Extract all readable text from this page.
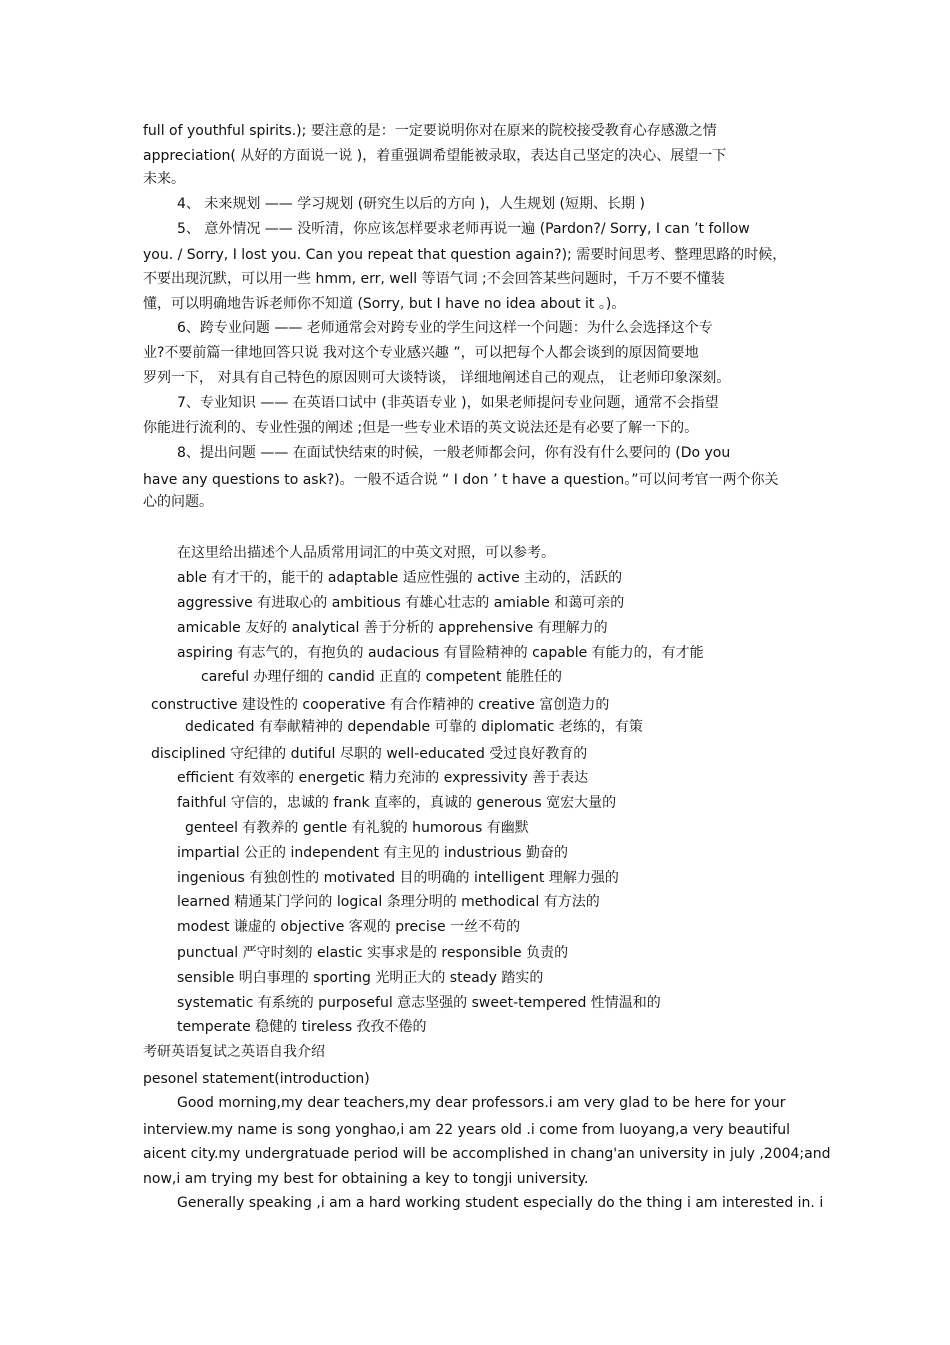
full of youthful spirits.); 要注意的是：一定要说明你对在原来的院校接受教育心存感激之情
appreciation( 从好的方面说一说 )，着重强调希望能被录取，表达自己坚定的决心、展望一下
未来。
4、 未来规划 —— 学习规划 (研究生以后的方向 )，人生规划 (短期、长期 )
5、 意外情况 —— 没听清，你应该怎样要求老师再说一遍 (Pardon?/ Sorry, I can ’t follow
you. / Sorry, I lost you. Can you repeat that question again?); 需要时间思考、整理思路的时候，
不要出现沉默，可以用一些 hmm, err, well 等语气词 ;不会回答某些问题时，千万不要不懂装
懂，可以明确地告诉老师你不知道 (Sorry, but I have no idea about it 。)。
6、跨专业问题 —— 老师通常会对跨专业的学生问这样一个问题：为什么会选择这个专
业?不要前篇一律地回答只说 我对这个专业感兴趣 ”，可以把每个人都会谈到的原因简要地
罗列一下， 对具有自己特色的原因则可大谈特谈， 详细地阐述自己的观点， 让老师印象深刻。
7、专业知识 —— 在英语口试中 (非英语专业 )，如果老师提问专业问题，通常不会指望
你能进行流利的、专业性强的阐述 ;但是一些专业术语的英文说法还是有必要了解一下的。
8、提出问题 —— 在面试快结束的时候，一般老师都会问，你有没有什么要问的 (Do you
have any questions to ask?)。一般不适合说 “ I don ’ t have a question。”可以问考官一两个你关
心的问题。
在这里给出描述个人品质常用词汇的中英文对照，可以参考。
able 有才干的，能干的 adaptable 适应性强的 active 主动的，活跃的
aggressive 有进取心的 ambitious 有雄心壮志的 amiable 和蔼可亲的
amicable 友好的 analytical 善于分析的 apprehensive 有理解力的
aspiring 有志气的，有抱负的 audacious 有冒险精神的 capable 有能力的，有才能
careful 办理仔细的 candid 正直的 competent 能胜任的
constructive 建设性的 cooperative 有合作精神的 creative 富创造力的
dedicated 有奉献精神的 dependable 可靠的 diplomatic 老练的，有策
disciplined 守纪律的 dutiful 尽职的 well-educated 受过良好教育的
efficient 有效率的 energetic 精力充沛的 expressivity 善于表达
faithful 守信的，忠诚的 frank 直率的，真诚的 generous 宽宏大量的
genteel 有教养的 gentle 有礼貌的 humorous 有幽默
impartial 公正的 independent 有主见的 industrious 勤奋的
ingenious 有独创性的 motivated 目的明确的 intelligent 理解力强的
learned 精通某门学问的 logical 条理分明的 methodical 有方法的
modest 谦虚的 objective 客观的 precise 一丝不苟的
punctual 严守时刻的 elastic 实事求是的 responsible 负责的
sensible 明白事理的 sporting 光明正大的 steady 踏实的
systematic 有系统的 purposeful 意志坚强的 sweet-tempered 性情温和的
temperate 稳健的 tireless 孜孜不倦的
考研英语复试之英语自我介绍
pesonel statement(introduction)
Good morning,my dear teachers,my dear professors.i am very glad to be here for your
interview.my name is song yonghao,i am 22 years old .i come from luoyang,a very beautiful
aicent city.my undergratuade period will be accomplished in chang'an university in july ,2004;and
now,i am trying my best for obtaining a key to tongji university.
Generally speaking ,i am a hard working student especially do the thing i am interested in. i
